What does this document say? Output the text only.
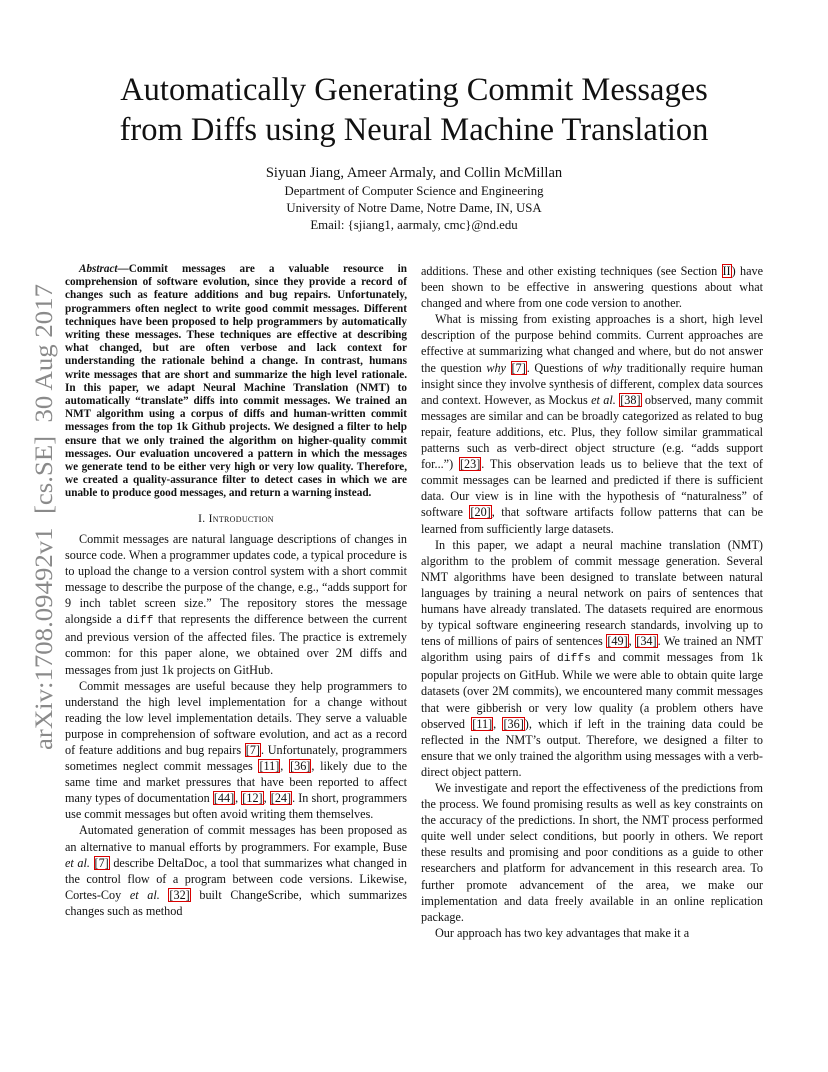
arXiv:1708.09492v1  [cs.SE]  30 Aug 2017
Automatically Generating Commit Messages
from Diffs using Neural Machine Translation
Siyuan Jiang, Ameer Armaly, and Collin McMillan
Department of Computer Science and Engineering
University of Notre Dame, Notre Dame, IN, USA
Email: {sjiang1, aarmaly, cmc}@nd.edu

Abstract—Commit messages are a valuable resource in comprehension of software evolution, since they provide a record of changes such as feature additions and bug repairs. Unfortunately, programmers often neglect to write good commit messages. Different techniques have been proposed to help programmers by automatically writing these messages. These techniques are effective at describing what changed, but are often verbose and lack context for understanding the rationale behind a change. In contrast, humans write messages that are short and summarize the high level rationale. In this paper, we adapt Neural Machine Translation (NMT) to automatically “translate” diffs into commit messages. We trained an NMT algorithm using a corpus of diffs and human-written commit messages from the top 1k Github projects. We designed a filter to help ensure that we only trained the algorithm on higher-quality commit messages. Our evaluation uncovered a pattern in which the messages we generate tend to be either very high or very low quality. Therefore, we created a quality-assurance filter to detect cases in which we are unable to produce good messages, and return a warning instead.

I. Introduction

Commit messages are natural language descriptions of changes in source code. When a programmer updates code, a typical procedure is to upload the change to a version control system with a short commit message to describe the purpose of the change, e.g., “adds support for 9 inch tablet screen size.” The repository stores the message alongside a diff that represents the difference between the current and previous version of the affected files. The practice is extremely common: for this paper alone, we obtained over 2M diffs and messages from just 1k projects on GitHub.

Commit messages are useful because they help programmers to understand the high level implementation for a change without reading the low level implementation details. They serve a valuable purpose in comprehension of software evolution, and act as a record of feature additions and bug repairs [7]. Unfortunately, programmers sometimes neglect commit messages [11], [36], likely due to the same time and market pressures that have been reported to affect many types of documentation [44], [12], [24]. In short, programmers use commit messages but often avoid writing them themselves.

Automated generation of commit messages has been proposed as an alternative to manual efforts by programmers. For example, Buse et al. [7] describe DeltaDoc, a tool that summarizes what changed in the control flow of a program between code versions. Likewise, Cortes-Coy et al. [32] built ChangeScribe, which summarizes changes such as method

additions. These and other existing techniques (see Section II) have been shown to be effective in answering questions about what changed and where from one code version to another.

What is missing from existing approaches is a short, high level description of the purpose behind commits. Current approaches are effective at summarizing what changed and where, but do not answer the question why [7]. Questions of why traditionally require human insight since they involve synthesis of different, complex data sources and context. However, as Mockus et al. [38] observed, many commit messages are similar and can be broadly categorized as related to bug repair, feature additions, etc. Plus, they follow similar grammatical patterns such as verb-direct object structure (e.g. “adds support for...”) [23]. This observation leads us to believe that the text of commit messages can be learned and predicted if there is sufficient data. Our view is in line with the hypothesis of “naturalness” of software [20], that software artifacts follow patterns that can be learned from sufficiently large datasets.

In this paper, we adapt a neural machine translation (NMT) algorithm to the problem of commit message generation. Several NMT algorithms have been designed to translate between natural languages by training a neural network on pairs of sentences that humans have already translated. The datasets required are enormous by typical software engineering research standards, involving up to tens of millions of pairs of sentences [49], [34]. We trained an NMT algorithm using pairs of diffs and commit messages from 1k popular projects on GitHub. While we were able to obtain quite large datasets (over 2M commits), we encountered many commit messages that were gibberish or very low quality (a problem others have observed [11], [36]), which if left in the training data could be reflected in the NMT’s output. Therefore, we designed a filter to ensure that we only trained the algorithm using messages with a verb-direct object pattern.

We investigate and report the effectiveness of the predictions from the process. We found promising results as well as key constraints on the accuracy of the predictions. In short, the NMT process performed quite well under select conditions, but poorly in others. We report these results and promising and poor conditions as a guide to other researchers and platform for advancement in this research area. To further promote advancement of the area, we make our implementation and data freely available in an online replication package.

Our approach has two key advantages that make it a
